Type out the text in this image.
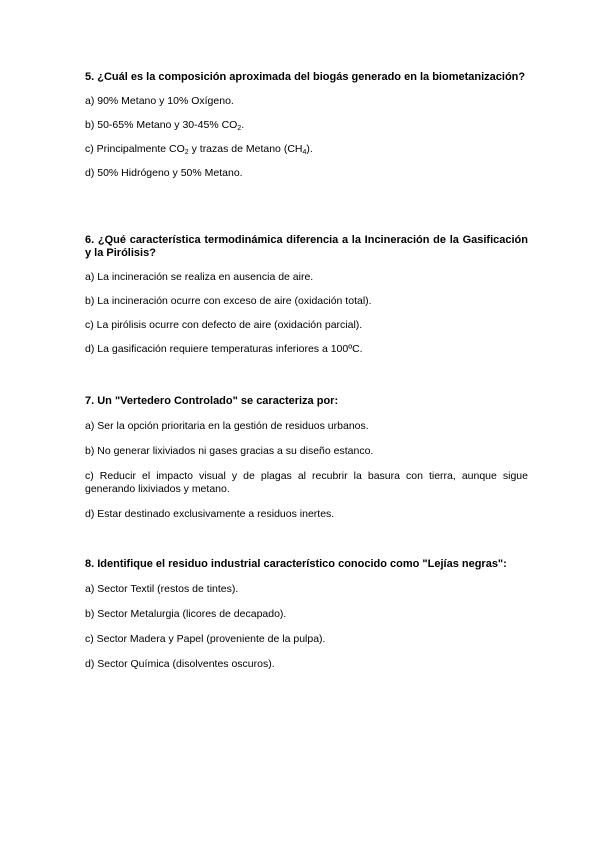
5. ¿Cuál es la composición aproximada del biogás generado en la biometanización?

a) 90% Metano y 10% Oxígeno.

b) 50-65% Metano y 30-45% $CO_2$.

c) Principalmente $CO_2$ y trazas de Metano $(CH_4)$.

d) 50% Hidrógeno y 50% Metano.

6. ¿Qué característica termodinámica diferencia a la Incineración de la Gasificación y la Pirólisis?

a) La incineración se realiza en ausencia de aire.

b) La incineración ocurre con exceso de aire (oxidación total).

c) La pirólisis ocurre con defecto de aire (oxidación parcial).

d) La gasificación requiere temperaturas inferiores a 100ºC.

7. Un "Vertedero Controlado" se caracteriza por:

a) Ser la opción prioritaria en la gestión de residuos urbanos.

b) No generar lixiviados ni gases gracias a su diseño estanco.

c) Reducir el impacto visual y de plagas al recubrir la basura con tierra, aunque sigue generando lixiviados y metano.

d) Estar destinado exclusivamente a residuos inertes.

8. Identifique el residuo industrial característico conocido como "Lejías negras":

a) Sector Textil (restos de tintes).

b) Sector Metalurgia (licores de decapado).

c) Sector Madera y Papel (proveniente de la pulpa).

d) Sector Química (disolventes oscuros).
